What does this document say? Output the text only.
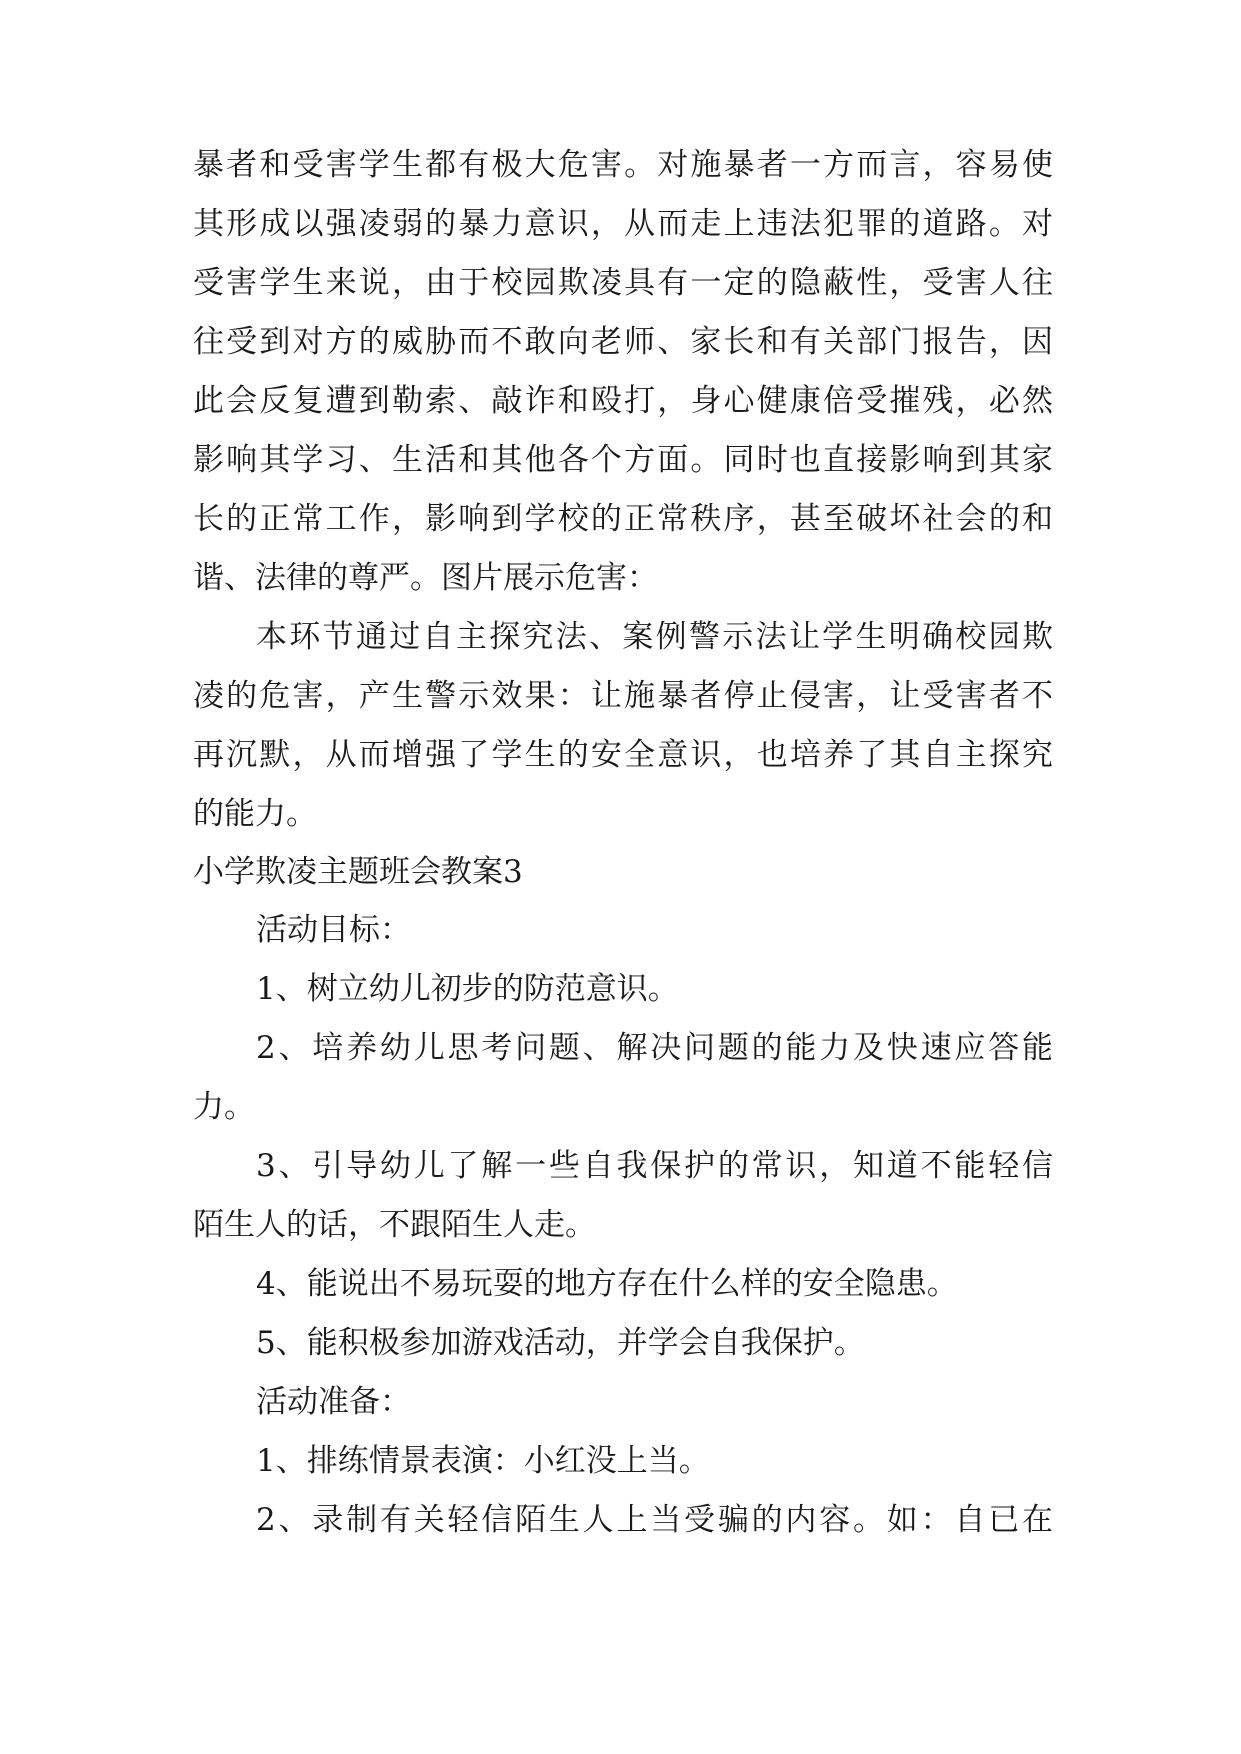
暴者和受害学生都有极大危害。对施暴者一方而言，容易使
其形成以强凌弱的暴力意识，从而走上违法犯罪的道路。对
受害学生来说，由于校园欺凌具有一定的隐蔽性，受害人往
往受到对方的威胁而不敢向老师、家长和有关部门报告，因
此会反复遭到勒索、敲诈和殴打，身心健康倍受摧残，必然
影响其学习、生活和其他各个方面。同时也直接影响到其家
长的正常工作，影响到学校的正常秩序，甚至破坏社会的和
谐、法律的尊严。图片展示危害：
本环节通过自主探究法、案例警示法让学生明确校园欺
凌的危害，产生警示效果：让施暴者停止侵害，让受害者不
再沉默，从而增强了学生的安全意识，也培养了其自主探究
的能力。
小学欺凌主题班会教案3
活动目标：
1、树立幼儿初步的防范意识。
2、培养幼儿思考问题、解决问题的能力及快速应答能
力。
3、引导幼儿了解一些自我保护的常识，知道不能轻信
陌生人的话，不跟陌生人走。
4、能说出不易玩耍的地方存在什么样的安全隐患。
5、能积极参加游戏活动，并学会自我保护。
活动准备：
1、排练情景表演：小红没上当。
2、录制有关轻信陌生人上当受骗的内容。如：自已在
